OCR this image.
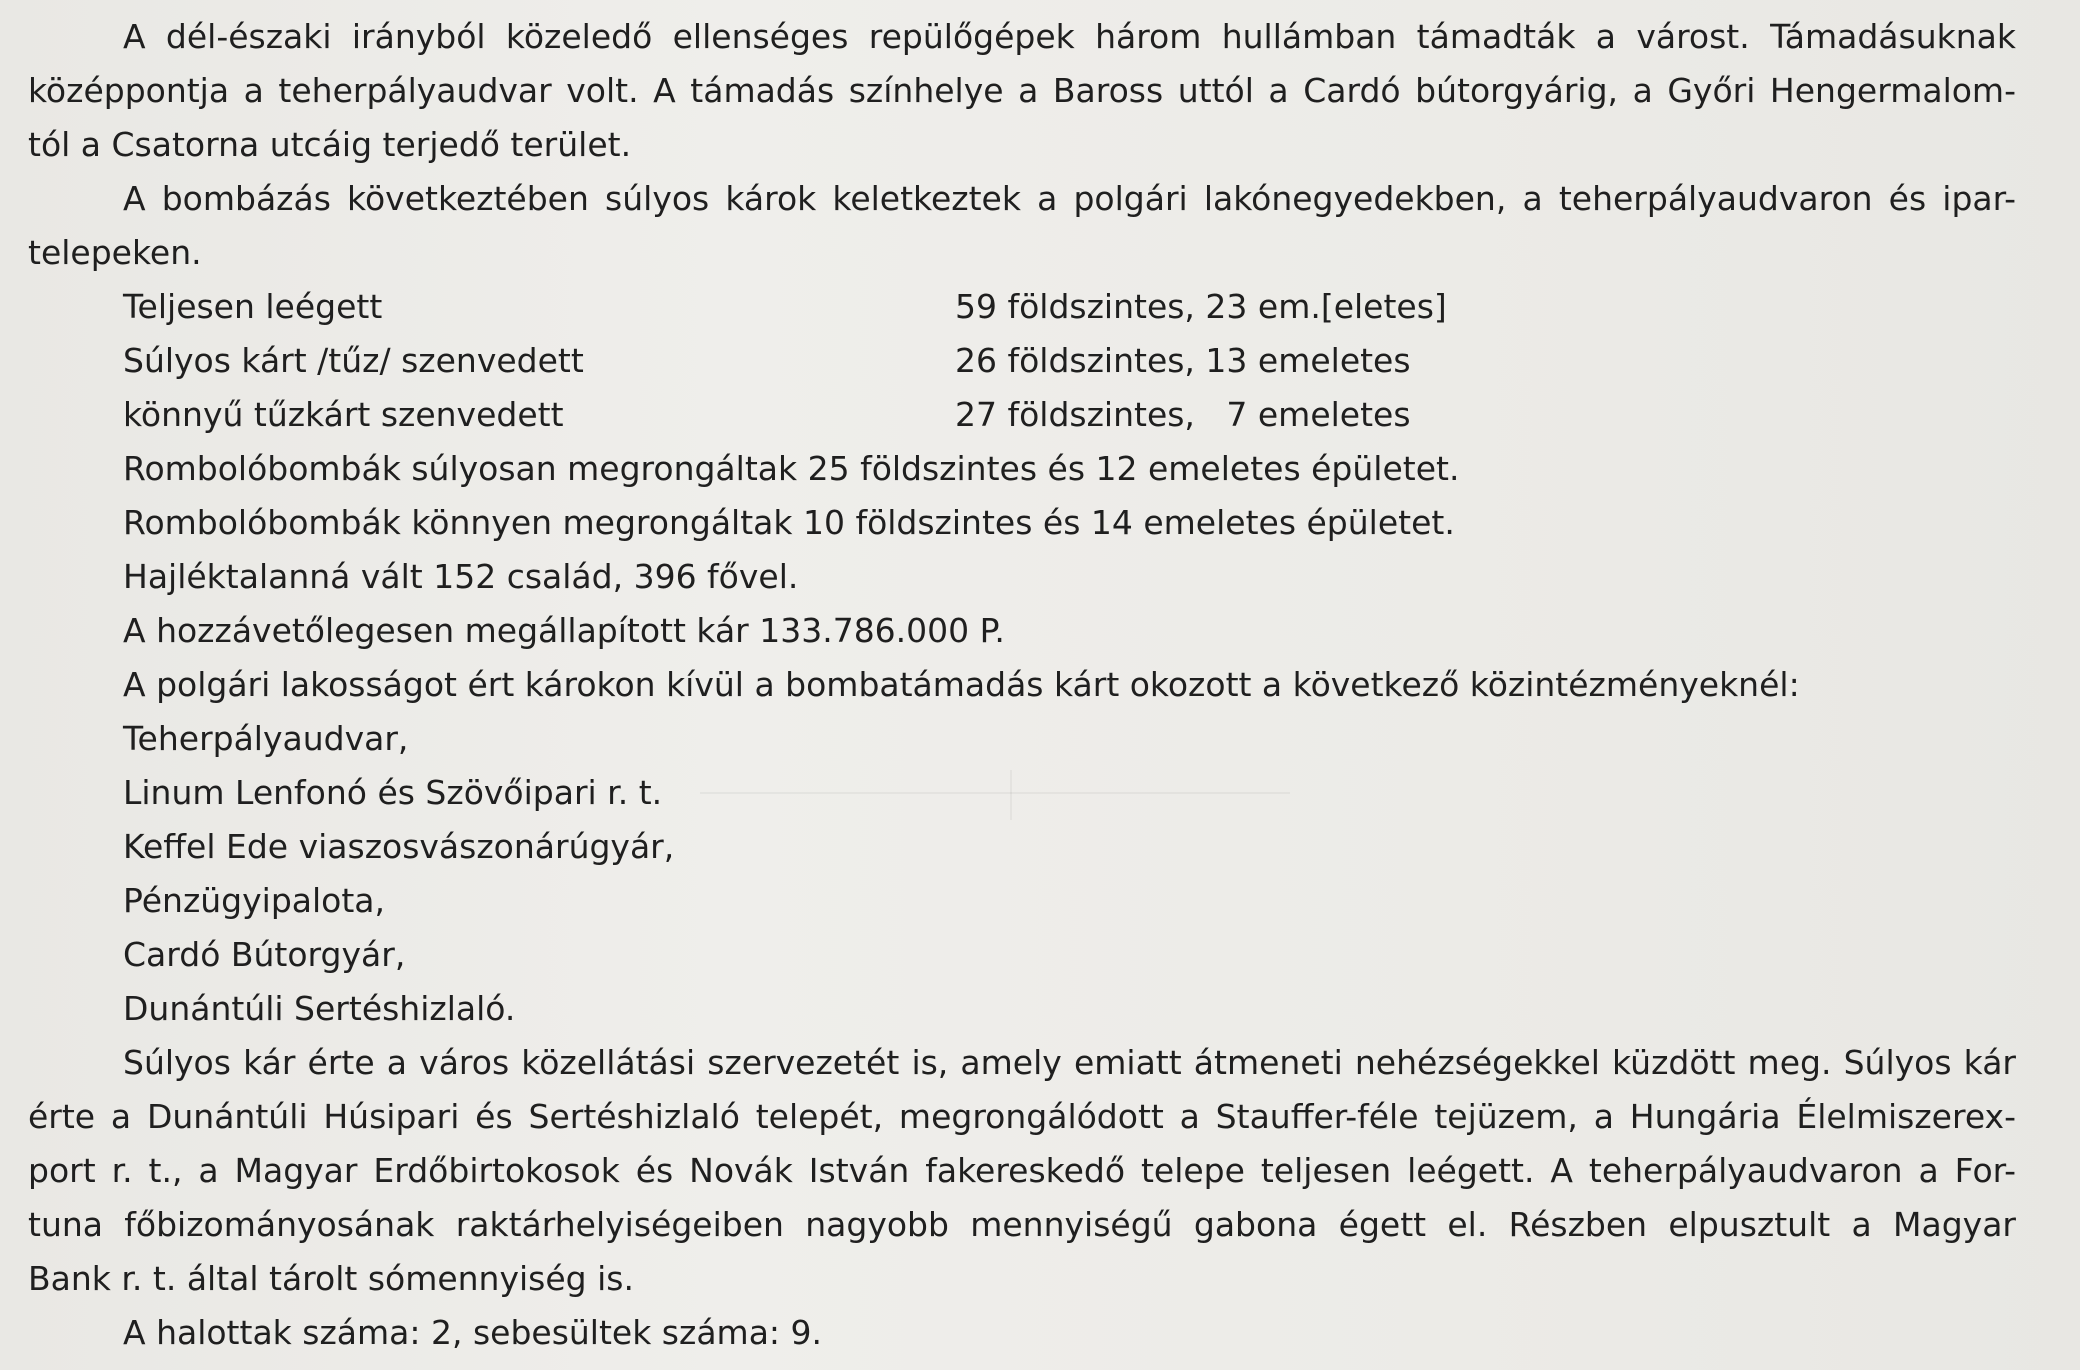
A dél-északi irányból közeledő ellenséges repülőgépek három hullámban támadták a várost. Támadásuknak
középpontja a teherpályaudvar volt. A támadás színhelye a Baross uttól a Cardó bútorgyárig, a Győri Hengermalom-
tól a Csatorna utcáig terjedő terület.

A bombázás következtében súlyos károk keletkeztek a polgári lakónegyedekben, a teherpályaudvaron és ipar-
telepeken.

Teljesen leégett	59 földszintes, 23 em.[eletes]
Súlyos kárt /tűz/ szenvedett	26 földszintes, 13 emeletes
könnyű tűzkárt szenvedett	27 földszintes,   7 emeletes
Rombolóbombák súlyosan megrongáltak 25 földszintes és 12 emeletes épületet.
Rombolóbombák könnyen megrongáltak 10 földszintes és 14 emeletes épületet.
Hajléktalanná vált 152 család, 396 fővel.
A hozzávetőlegesen megállapított kár 133.786.000 P.
A polgári lakosságot ért károkon kívül a bombatámadás kárt okozott a következő közintézményeknél:
Teherpályaudvar,
Linum Lenfonó és Szövőipari r. t.
Keffel Ede viaszosvászonárúgyár,
Pénzügyipalota,
Cardó Bútorgyár,
Dunántúli Sertéshizlaló.

Súlyos kár érte a város közellátási szervezetét is, amely emiatt átmeneti nehézségekkel küzdött meg. Súlyos kár
érte a Dunántúli Húsipari és Sertéshizlaló telepét, megrongálódott a Stauffer-féle tejüzem, a Hungária Élelmiszerex-
port r. t., a Magyar Erdőbirtokosok és Novák István fakereskedő telepe teljesen leégett. A teherpályaudvaron a For-
tuna főbizományosának raktárhelyiségeiben nagyobb mennyiségű gabona égett el. Részben elpusztult a Magyar
Bank r. t. által tárolt sómennyiség is.

A halottak száma: 2, sebesültek száma: 9.
